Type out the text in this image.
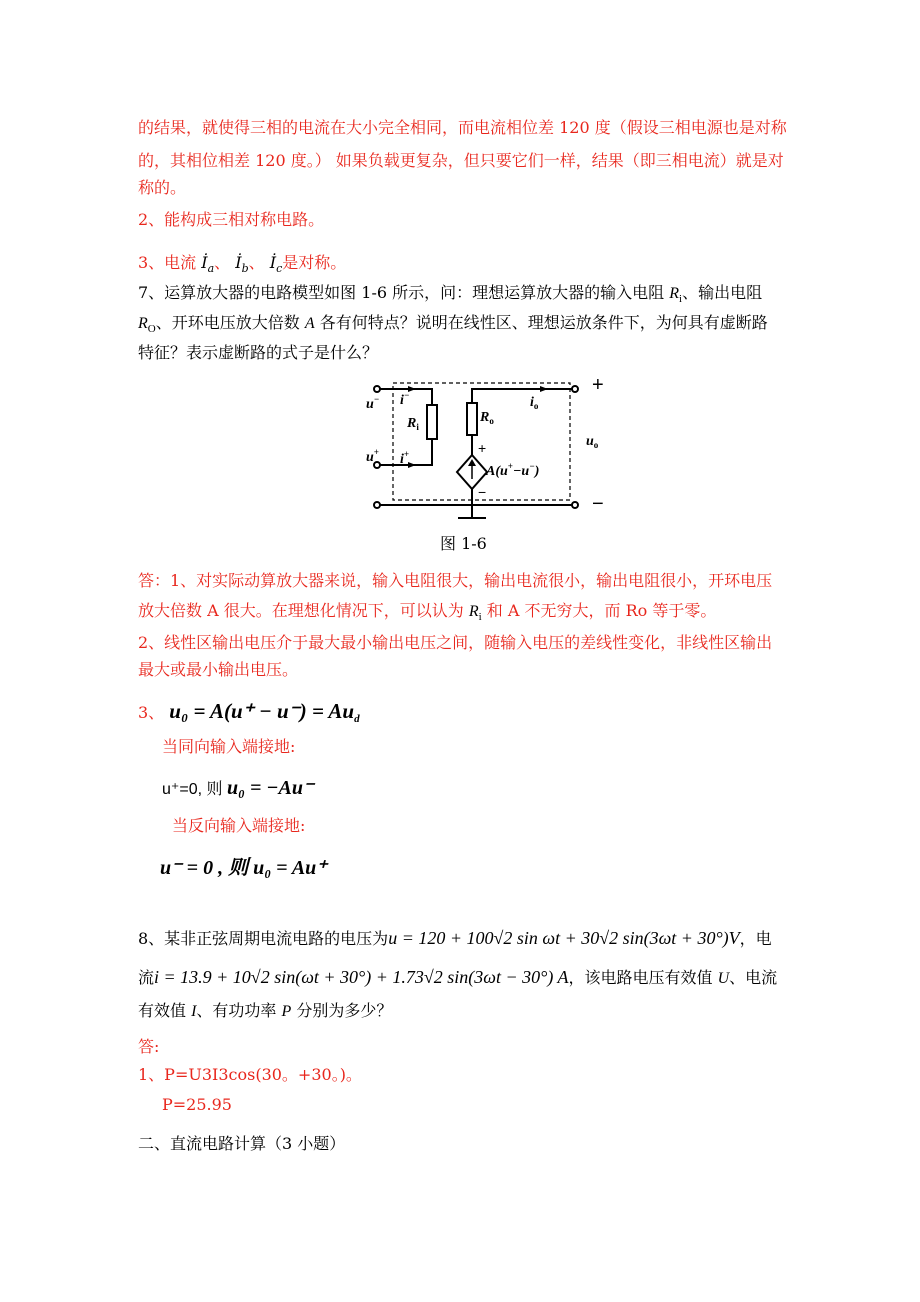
的结果，就使得三相的电流在大小完全相同，而电流相位差 120 度（假设三相电源也是对称
的，其相位相差 120 度。） 如果负载更复杂，但只要它们一样，结果（即三相电流）就是对
称的。
2、能构成三相对称电路。
3、电流 $İ_a$、 $İ_b$、 $İ_c$是对称。
7、运算放大器的电路模型如图 1-6 所示，问：理想运算放大器的输入电阻 $R_i$、输出电阻
$R_O$、开环电压放大倍数 A 各有何特点？说明在线性区、理想运放条件下，为何具有虚断路
特征？表示虚断路的式子是什么？
+
−
u−
u+
i−
i+
$R_i$
$R_o$
$i_o$
$u_o$
A(u+−u−)
+
−
图 1-6
答：1、对实际动算放大器来说，输入电阻很大，输出电流很小，输出电阻很小，开环电压
放大倍数 A 很大。在理想化情况下，可以认为 $R_i$ 和 A 不无穷大，而 Ro 等于零。
2、线性区输出电压介于最大最小输出电压之间，随输入电压的差线性变化，非线性区输出
最大或最小输出电压。
3、 $u_0 = A(u^+ - u^-) = Au_d$
当同向输入端接地:
u⁺=0, 则 u₀ = −Au⁻
当反向输入端接地:
u⁻ = 0 , 则 u₀ = Au⁺
8、某非正弦周期电流电路的电压为u = 120 + 100√2 sin ωt + 30√2 sin(3ωt + 30°)V，电
流i = 13.9 + 10√2 sin(ωt + 30°) + 1.73√2 sin(3ωt − 30°) A，该电路电压有效值 U、电流
有效值 I、有功功率 P 分别为多少？
答:
1、P=U3I3cos(30。+30。)。
P=25.95
二、直流电路计算（3 小题）
